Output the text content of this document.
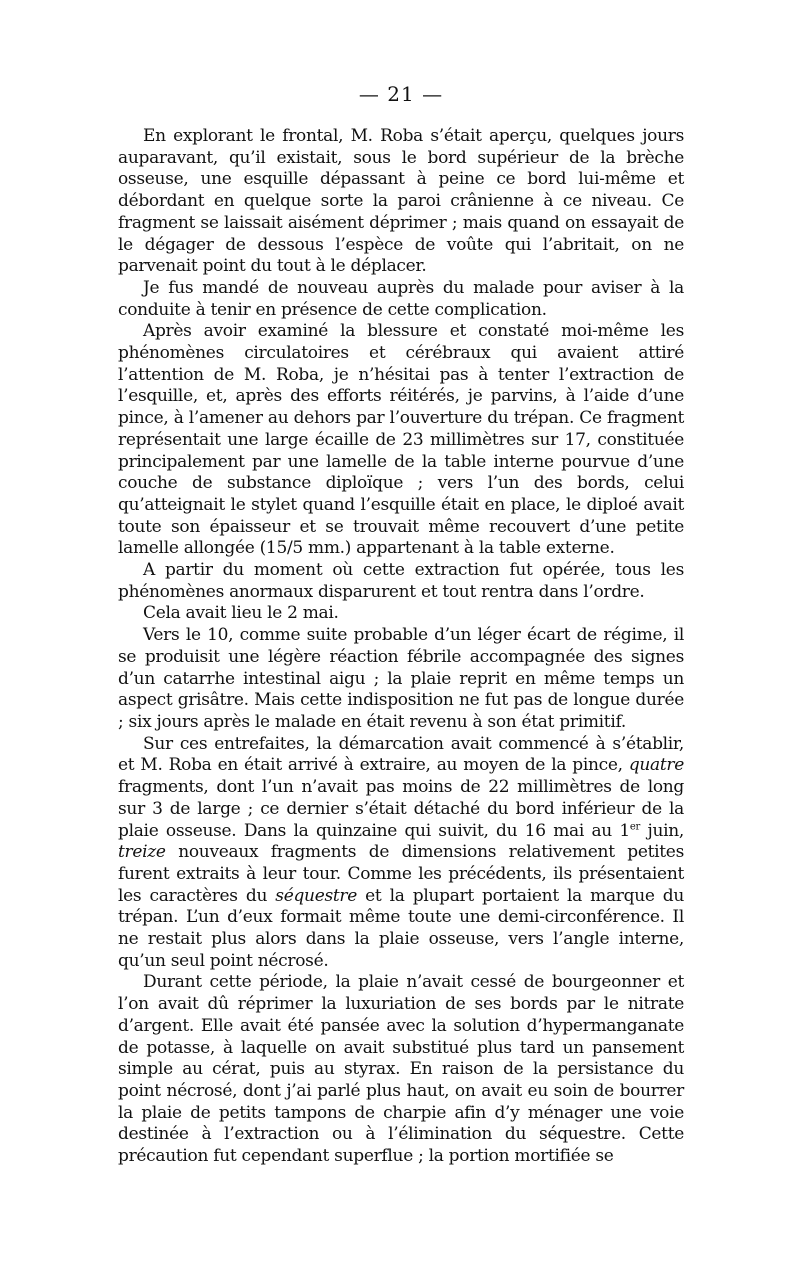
— 21 —

En explorant le frontal, M. Roba s’était aperçu, quelques jours auparavant, qu’il existait, sous le bord supérieur de la brèche osseuse, une esquille dépassant à peine ce bord lui-même et débordant en quelque sorte la paroi crânienne à ce niveau. Ce fragment se laissait aisément déprimer ; mais quand on essayait de le dégager de dessous l’espèce de voûte qui l’abritait, on ne parvenait point du tout à le déplacer.

Je fus mandé de nouveau auprès du malade pour aviser à la conduite à tenir en présence de cette complication.

Après avoir examiné la blessure et constaté moi-même les phénomènes circulatoires et cérébraux qui avaient attiré l’attention de M. Roba, je n’hésitai pas à tenter l’extraction de l’esquille, et, après des efforts réitérés, je parvins, à l’aide d’une pince, à l’amener au dehors par l’ouverture du trépan. Ce fragment représentait une large écaille de 23 millimètres sur 17, constituée principalement par une lamelle de la table interne pourvue d’une couche de substance diploïque ; vers l’un des bords, celui qu’atteignait le stylet quand l’esquille était en place, le diploé avait toute son épaisseur et se trouvait même recouvert d’une petite lamelle allongée (15/5 mm.) appartenant à la table externe.

A partir du moment où cette extraction fut opérée, tous les phénomènes anormaux disparurent et tout rentra dans l’ordre.

Cela avait lieu le 2 mai.

Vers le 10, comme suite probable d’un léger écart de régime, il se produisit une légère réaction fébrile accompagnée des signes d’un catarrhe intestinal aigu ; la plaie reprit en même temps un aspect grisâtre. Mais cette indisposition ne fut pas de longue durée ; six jours après le malade en était revenu à son état primitif.

Sur ces entrefaites, la démarcation avait commencé à s’établir, et M. Roba en était arrivé à extraire, au moyen de la pince, quatre fragments, dont l’un n’avait pas moins de 22 millimètres de long sur 3 de large ; ce dernier s’était détaché du bord inférieur de la plaie osseuse. Dans la quinzaine qui suivit, du 16 mai au 1er juin, treize nouveaux fragments de dimensions relativement petites furent extraits à leur tour. Comme les précédents, ils présentaient les caractères du séquestre et la plupart portaient la marque du trépan. L’un d’eux formait même toute une demi-circonférence. Il ne restait plus alors dans la plaie osseuse, vers l’angle interne, qu’un seul point nécrosé.

Durant cette période, la plaie n’avait cessé de bourgeonner et l’on avait dû réprimer la luxuriation de ses bords par le nitrate d’argent. Elle avait été pansée avec la solution d’hypermanganate de potasse, à laquelle on avait substitué plus tard un pansement simple au cérat, puis au styrax. En raison de la persistance du point nécrosé, dont j’ai parlé plus haut, on avait eu soin de bourrer la plaie de petits tampons de charpie afin d’y ménager une voie destinée à l’extraction ou à l’élimination du séquestre. Cette précaution fut cependant superflue ; la portion mortifiée se
